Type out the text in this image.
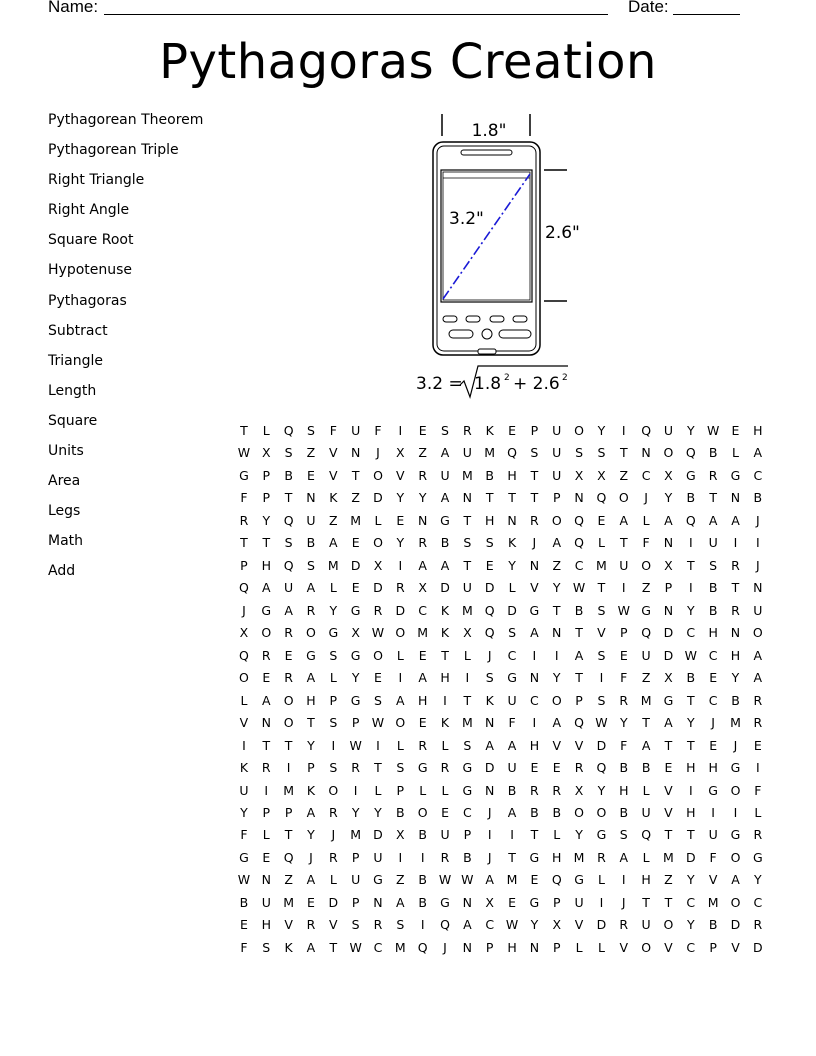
Name:	Date:
Pythagoras Creation
Pythagorean Theorem
Pythagorean Triple
Right Triangle
Right Angle
Square Root
Hypotenuse
Pythagoras
Subtract
Triangle
Length
Square
Units
Area
Legs
Math
Add
1.8"
3.2"
2.6"
3.2 = 1.8 2 + 2.6 2
T	L	Q	S	F	U	F	I	E	S	R	K	E	P	U O	Y	I	Q U	Y W E	H
W X	S	Z	V	N	J	X	Z	A	U M Q	S	U	S	S	T	N O Q	B	L	A
G	P	B	E	V	T	O	V	R	U M B	H	T	U	X	X	Z	C	X	G	R	G	C
F	P	T	N	K	Z	D	Y	Y	A	N	T	T	T	P	N Q O	J	Y	B	T	N	B
R	Y	Q U	Z M	L	E	N G	T	H N	R	O Q	E	A	L	A	Q	A	A	J
T	T	S	B	A	E	O	Y	R	B	S	S	K	J	A	Q	L	T	F	N	I	U	I	I
P	H Q	S M D	X	I	A	A	T	E	Y	N	Z	C M U O	X	T	S	R	J
Q	A	U	A	L	E	D	R	X	D U D	L	V	Y W T	I	Z	P	I	B	T	N
J	G	A	R	Y	G	R	D	C	K M Q D G	T	B	S W G N	Y	B	R	U
X	O	R	O G	X W O M K	X	Q	S	A	N	T	V	P	Q D	C	H N O
Q	R	E	G	S	G O	L	E	T	L	J	C	I	I	A	S	E	U D W C	H	A
O	E	R	A	L	Y	E	I	A	H	I	S	G N	Y	T	I	F	Z	X	B	E	Y	A
L	A	O H	P	G	S	A	H	I	T	K	U	C	O	P	S	R M G	T	C	B	R
V	N O	T	S	P W O	E	K M N	F	I	A	Q W Y	T	A	Y	J	M R
I	T	T	Y	I	W	I	L	R	L	S	A	A	H	V	V	D	F	A	T	T	E	J	E
K	R	I	P	S	R	T	S	G	R	G D U	E	E	R	Q	B	B	E	H H G	I
U	I	M K	O	I	L	P	L	L	G N	B	R	R	X	Y	H	L	V	I	G O	F
Y	P	P	A	R	Y	Y	B	O	E	C	J	A	B	B	O O	B	U	V	H	I	I	L
F	L	T	Y	J	M D	X	B	U	P	I	I	T	L	Y	G	S	Q	T	T	U G	R
G	E	Q	J	R	P	U	I	I	R	B	J	T	G H M R	A	L	M D	F	O G
W N	Z	A	L	U G	Z	B W W A M	E	Q G	L	I	H	Z	Y	V	A	Y
B	U M	E	D	P	N	A	B	G N	X	E	G	P	U	I	J	T	T	C M O	C
E	H	V	R	V	S	R	S	I	Q	A	C W Y	X	V	D	R	U O	Y	B	D	R
F	S	K	A	T W C M Q	J	N	P	H N	P	L	L	V	O	V	C	P	V	D
